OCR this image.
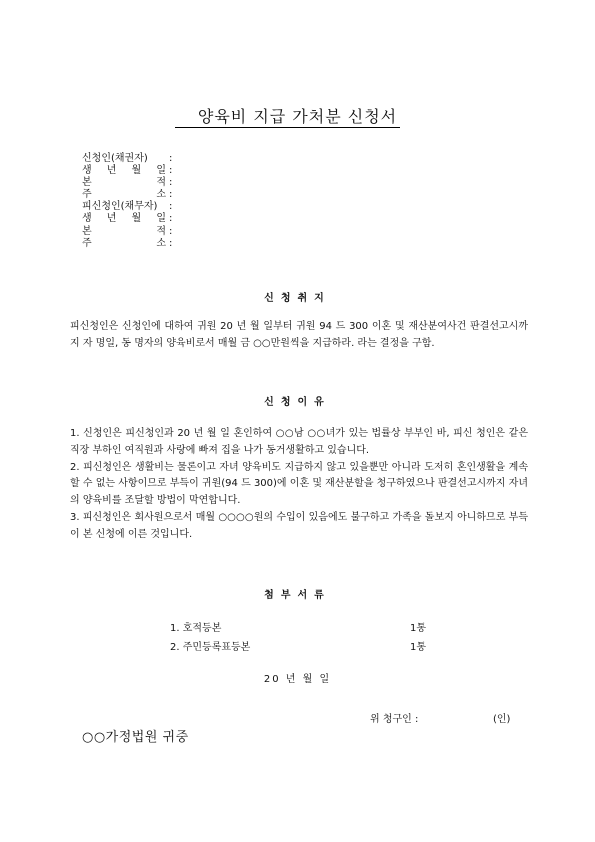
양육비 지급 가처분 신청서
신청인(채권자)	:
생 년 월 일 :
본 적 :
주 소 :
피신청인(채무자)	:
생 년 월 일 :
본 적 :
주 소 :
신청취지

피신청인은 신청인에 대하여 귀원 20 년 월 일부터 귀원 94 드 300 이혼 및 재산분여사건 판결선고시까지 자 명일, 동 명자의 양육비로서 매월 금 ○○만원씩을 지급하라. 라는 결정을 구함.

신청이유

1. 신청인은 피신청인과 20 년 월 일 혼인하여 ○○남 ○○녀가 있는 법률상 부부인 바, 피신 청인은 같은 직장 부하인 여직원과 사랑에 빠져 집을 나가 동거생활하고 있습니다.

2. 피신청인은 생활비는 물론이고 자녀 양육비도 지급하지 않고 있을뿐만 아니라 도저히 혼인생활을 계속할 수 없는 사항이므로 부득이 귀원(94 드 300)에 이혼 및 재산분할을 청구하였으나 판결선고시까지 자녀의 양육비를 조달할 방법이 막연합니다.

3. 피신청인은 회사원으로서 매월 ○○○○원의 수입이 있음에도 불구하고 가족을 돌보지 아니하므로 부득이 본 신청에 이른 것입니다.

첨부서류
1. 호적등본	1통
2. 주민등록표등본	1통
20 년 월 일
위 청구인 :	(인)
○○가정법원 귀중
